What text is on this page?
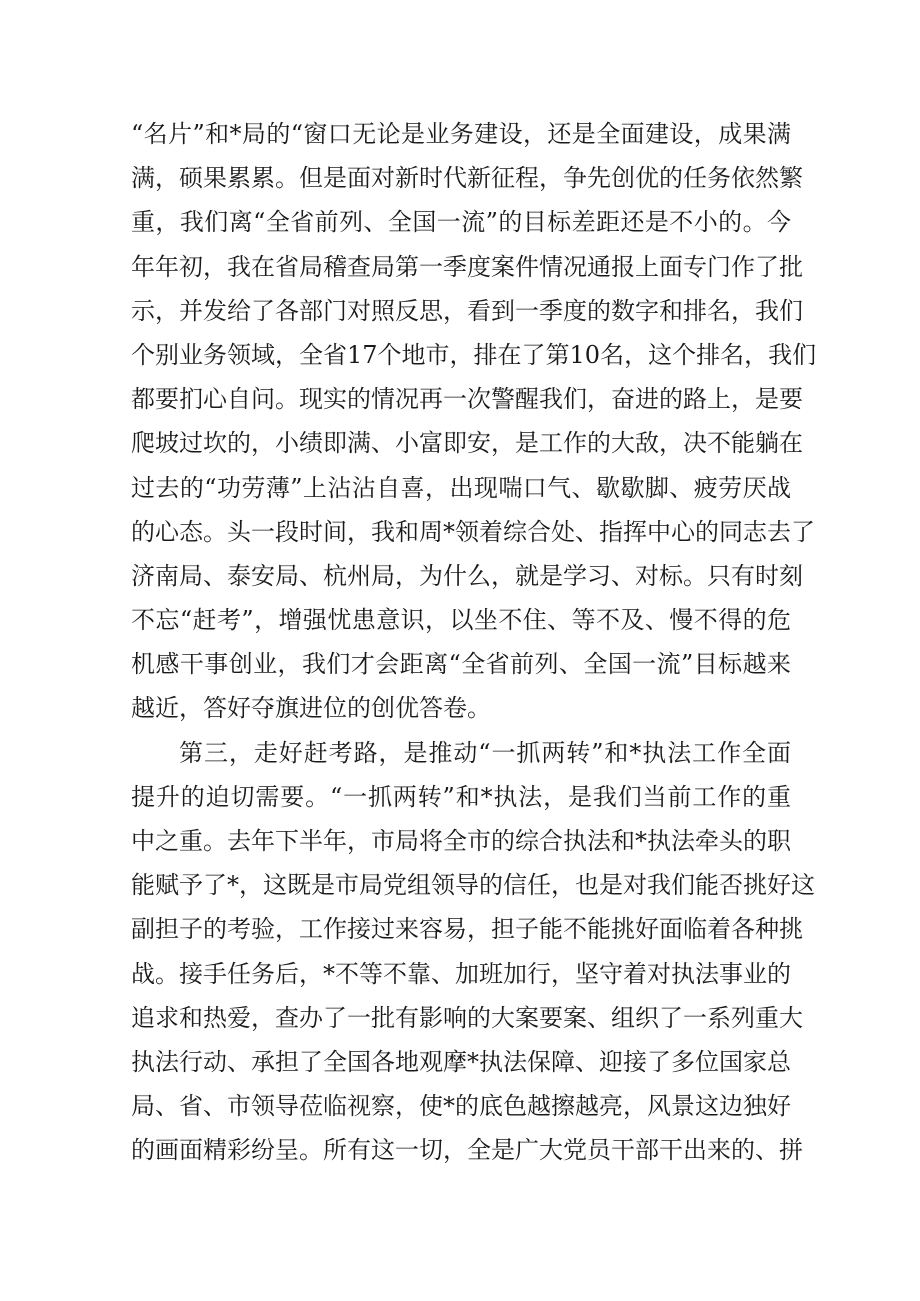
“名片”和*局的“窗口无论是业务建设，还是全面建设，成果满
满，硕果累累。但是面对新时代新征程，争先创优的任务依然繁
重，我们离“全省前列、全国一流”的目标差距还是不小的。今
年年初，我在省局稽查局第一季度案件情况通报上面专门作了批
示，并发给了各部门对照反思，看到一季度的数字和排名，我们
个别业务领域，全省17个地市，排在了第10名，这个排名，我们
都要扪心自问。现实的情况再一次警醒我们，奋进的路上，是要
爬坡过坎的，小绩即满、小富即安，是工作的大敌，决不能躺在
过去的“功劳薄”上沾沾自喜，出现喘口气、歇歇脚、疲劳厌战
的心态。头一段时间，我和周*领着综合处、指挥中心的同志去了
济南局、泰安局、杭州局，为什么，就是学习、对标。只有时刻
不忘“赶考”，增强忧患意识，以坐不住、等不及、慢不得的危
机感干事创业，我们才会距离“全省前列、全国一流”目标越来
越近，答好夺旗进位的创优答卷。
第三，走好赶考路，是推动“一抓两转”和*执法工作全面
提升的迫切需要。“一抓两转”和*执法，是我们当前工作的重
中之重。去年下半年，市局将全市的综合执法和*执法牵头的职
能赋予了*，这既是市局党组领导的信任，也是对我们能否挑好这
副担子的考验，工作接过来容易，担子能不能挑好面临着各种挑
战。接手任务后，*不等不靠、加班加行，坚守着对执法事业的
追求和热爱，查办了一批有影响的大案要案、组织了一系列重大
执法行动、承担了全国各地观摩*执法保障、迎接了多位国家总
局、省、市领导莅临视察，使*的底色越擦越亮，风景这边独好
的画面精彩纷呈。所有这一切，全是广大党员干部干出来的、拼
